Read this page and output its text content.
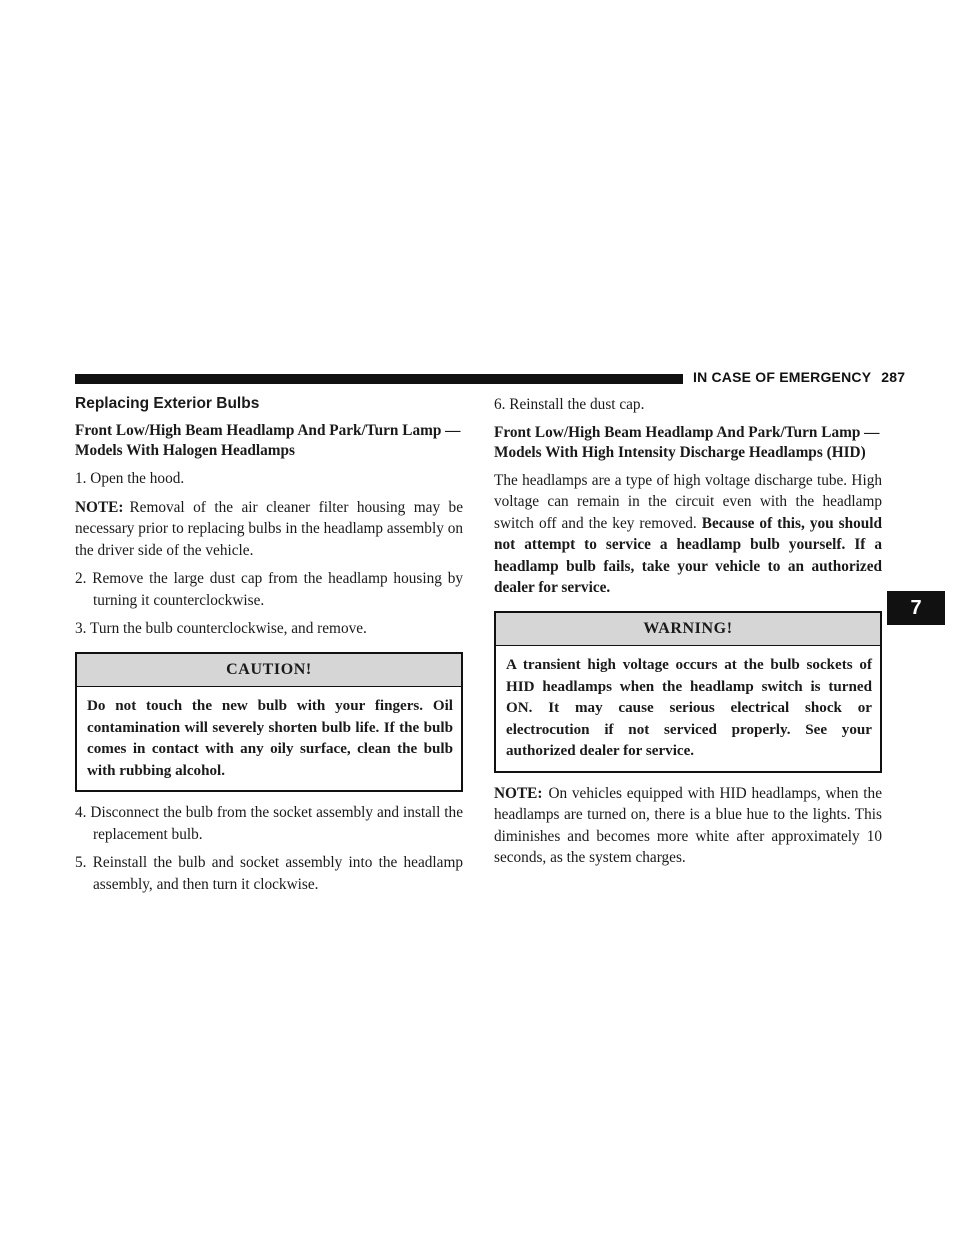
IN CASE OF EMERGENCY 287
7
Replacing Exterior Bulbs
Front Low/High Beam Headlamp And Park/Turn Lamp — Models With Halogen Headlamps
1. Open the hood.

NOTE: Removal of the air cleaner filter housing may be necessary prior to replacing bulbs in the headlamp assembly on the driver side of the vehicle.

2. Remove the large dust cap from the headlamp housing by turning it counterclockwise.
3. Turn the bulb counterclockwise, and remove.
CAUTION!
Do not touch the new bulb with your fingers. Oil contamination will severely shorten bulb life. If the bulb comes in contact with any oily surface, clean the bulb with rubbing alcohol.
4. Disconnect the bulb from the socket assembly and install the replacement bulb.
5. Reinstall the bulb and socket assembly into the headlamp assembly, and then turn it clockwise.
6. Reinstall the dust cap.
Front Low/High Beam Headlamp And Park/Turn Lamp — Models With High Intensity Discharge Headlamps (HID)

The headlamps are a type of high voltage discharge tube. High voltage can remain in the circuit even with the headlamp switch off and the key removed. Because of this, you should not attempt to service a headlamp bulb yourself. If a headlamp bulb fails, take your vehicle to an authorized dealer for service.

WARNING!
A transient high voltage occurs at the bulb sockets of HID headlamps when the headlamp switch is turned ON. It may cause serious electrical shock or electrocution if not serviced properly. See your authorized dealer for service.

NOTE: On vehicles equipped with HID headlamps, when the headlamps are turned on, there is a blue hue to the lights. This diminishes and becomes more white after approximately 10 seconds, as the system charges.
